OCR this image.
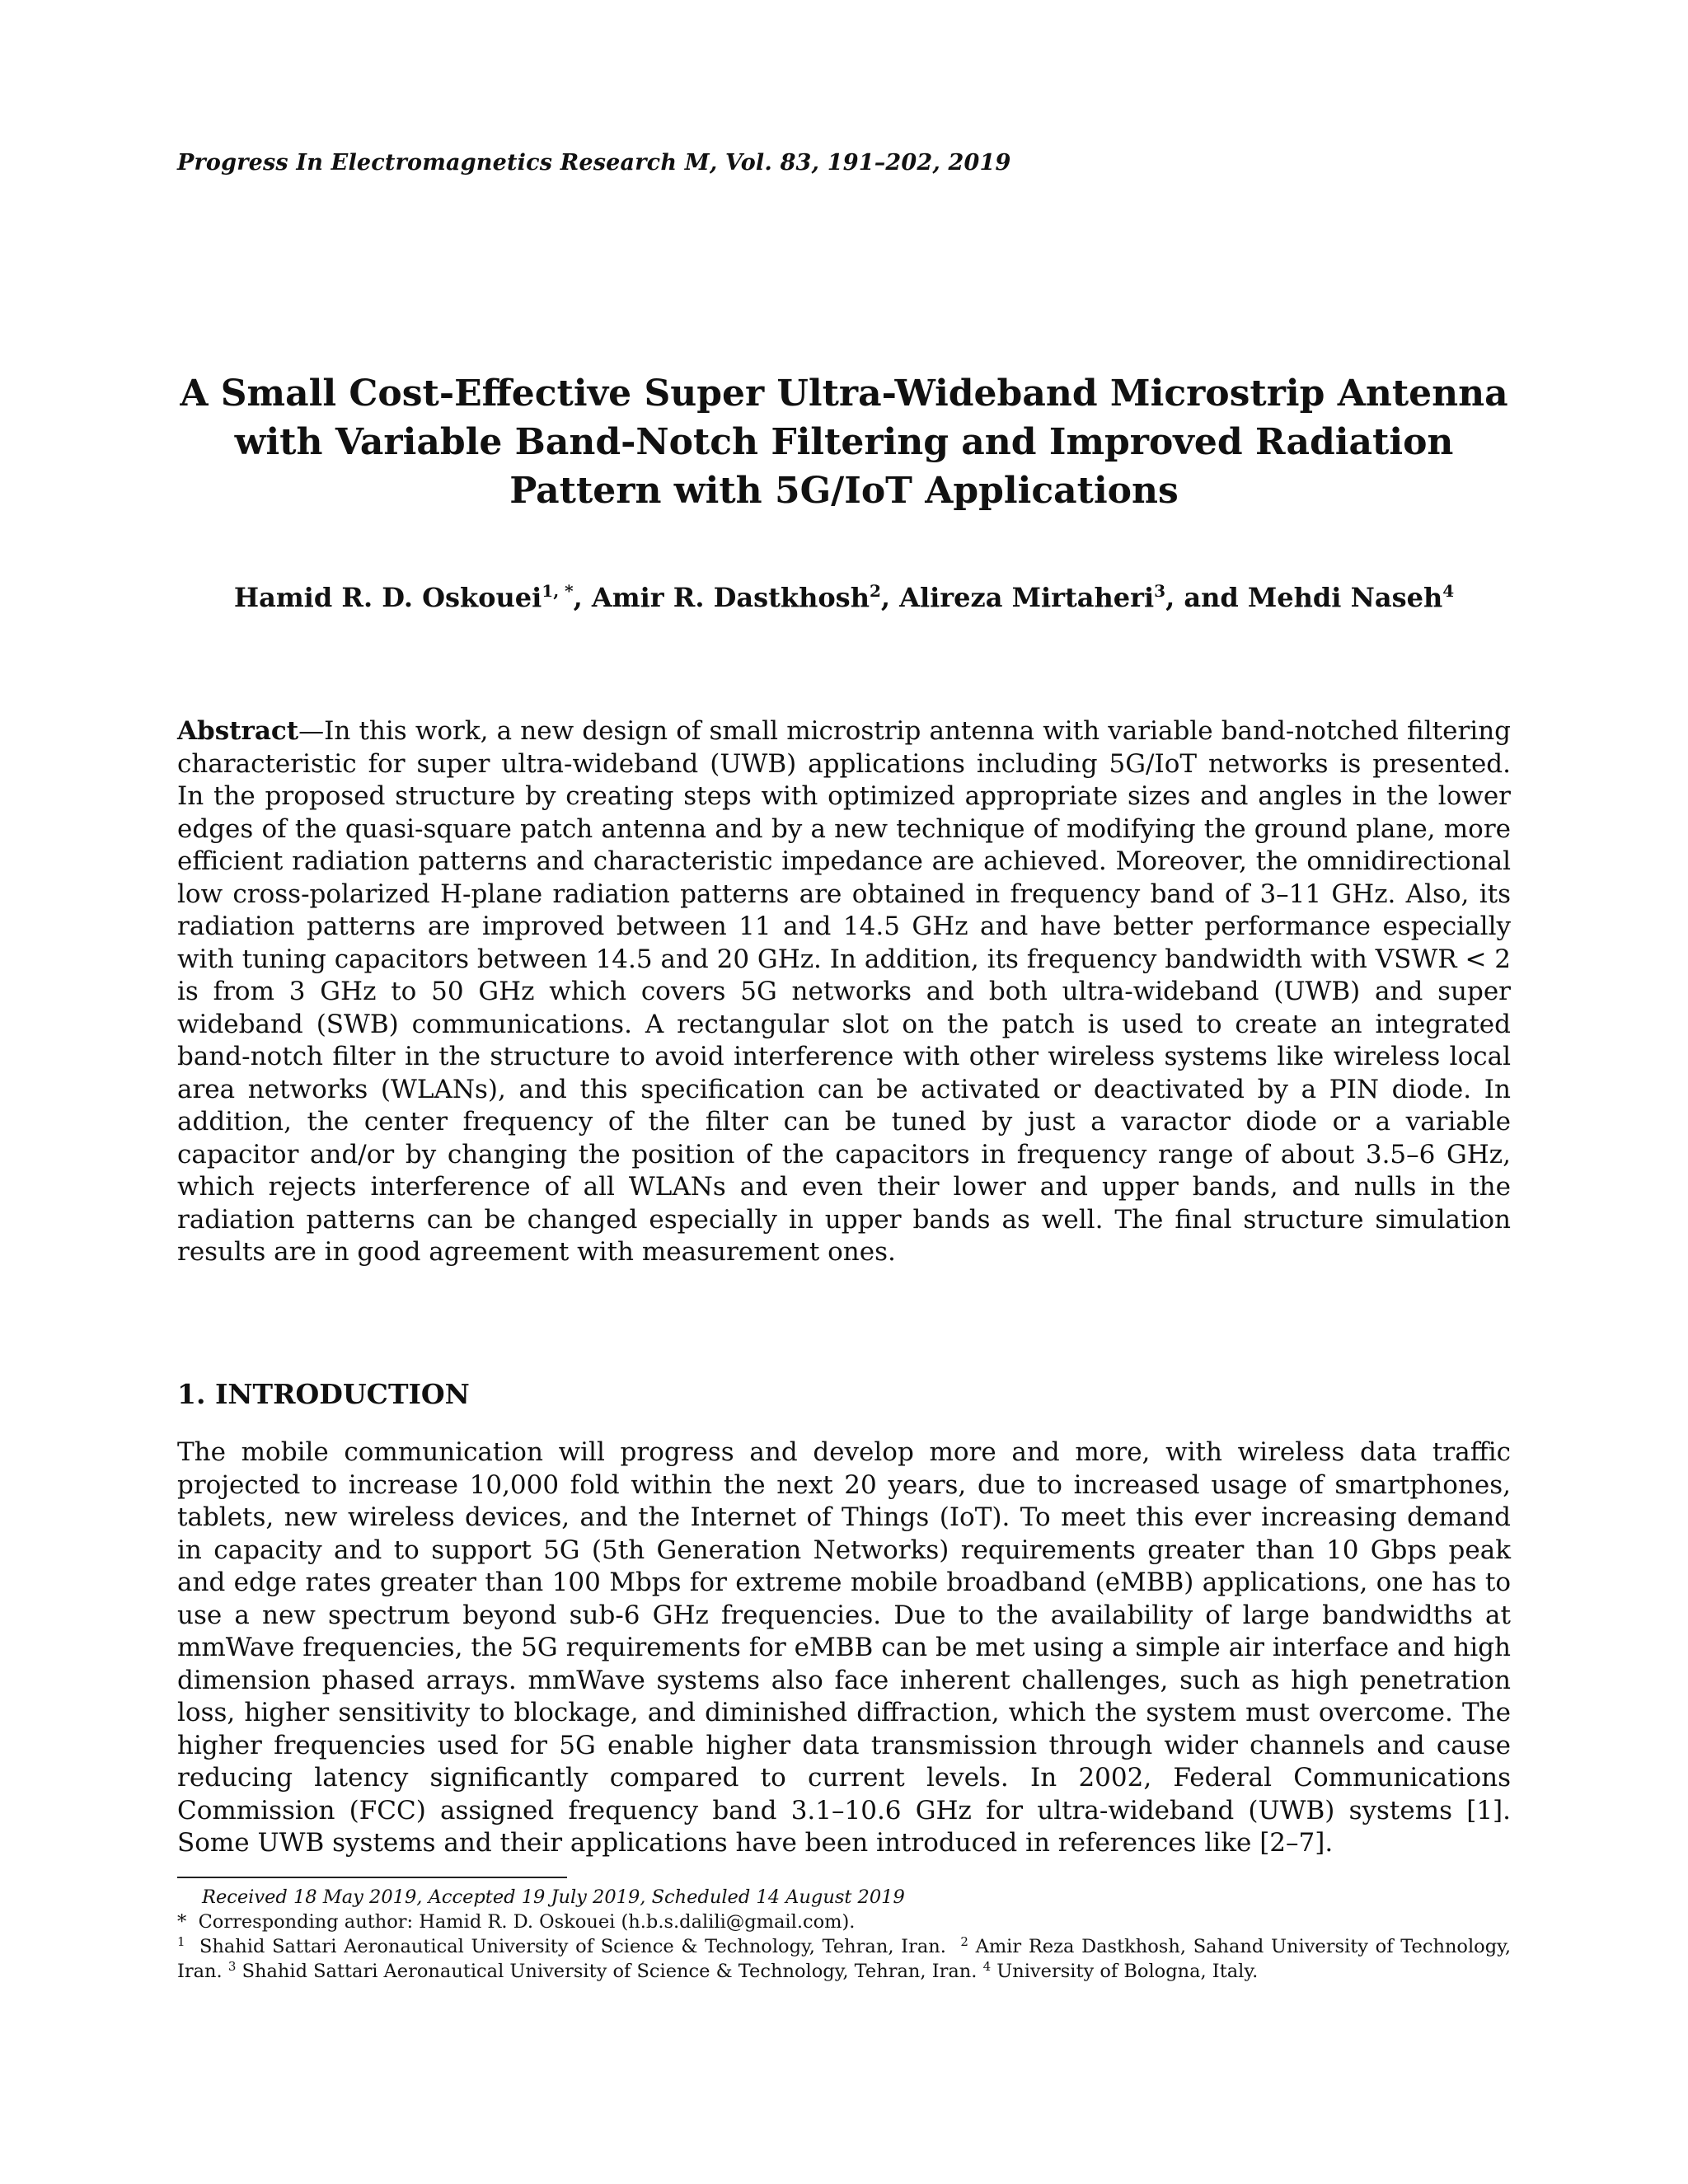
Progress In Electromagnetics Research M, Vol. 83, 191–202, 2019
A Small Cost-Effective Super Ultra-Wideband Microstrip Antenna
with Variable Band-Notch Filtering and Improved Radiation
Pattern with 5G/IoT Applications
Hamid R. D. Oskouei$^{1, *}$, Amir R. Dastkhosh$^2$, Alireza Mirtaheri$^3$, and Mehdi Naseh$^4$
Abstract—In this work, a new design of small microstrip antenna with variable band-notched filtering characteristic for super ultra-wideband (UWB) applications including 5G/IoT networks is presented. In the proposed structure by creating steps with optimized appropriate sizes and angles in the lower edges of the quasi-square patch antenna and by a new technique of modifying the ground plane, more efficient radiation patterns and characteristic impedance are achieved. Moreover, the omnidirectional low cross-polarized H-plane radiation patterns are obtained in frequency band of 3–11 GHz. Also, its radiation patterns are improved between 11 and 14.5 GHz and have better performance especially with tuning capacitors between 14.5 and 20 GHz. In addition, its frequency bandwidth with VSWR < 2 is from 3 GHz to 50 GHz which covers 5G networks and both ultra-wideband (UWB) and super wideband (SWB) communications. A rectangular slot on the patch is used to create an integrated band-notch filter in the structure to avoid interference with other wireless systems like wireless local area networks (WLANs), and this specification can be activated or deactivated by a PIN diode. In addition, the center frequency of the filter can be tuned by just a varactor diode or a variable capacitor and/or by changing the position of the capacitors in frequency range of about 3.5–6 GHz, which rejects interference of all WLANs and even their lower and upper bands, and nulls in the radiation patterns can be changed especially in upper bands as well. The final structure simulation results are in good agreement with measurement ones.
1. INTRODUCTION
The mobile communication will progress and develop more and more, with wireless data traffic projected to increase 10,000 fold within the next 20 years, due to increased usage of smartphones, tablets, new wireless devices, and the Internet of Things (IoT). To meet this ever increasing demand in capacity and to support 5G (5th Generation Networks) requirements greater than 10 Gbps peak and edge rates greater than 100 Mbps for extreme mobile broadband (eMBB) applications, one has to use a new spectrum beyond sub-6 GHz frequencies. Due to the availability of large bandwidths at mmWave frequencies, the 5G requirements for eMBB can be met using a simple air interface and high dimension phased arrays. mmWave systems also face inherent challenges, such as high penetration loss, higher sensitivity to blockage, and diminished diffraction, which the system must overcome. The higher frequencies used for 5G enable higher data transmission through wider channels and cause reducing latency significantly compared to current levels. In 2002, Federal Communications Commission (FCC) assigned frequency band 3.1–10.6 GHz for ultra-wideband (UWB) systems [1]. Some UWB systems and their applications have been introduced in references like [2–7].

Received 18 May 2019, Accepted 19 July 2019, Scheduled 14 August 2019

* Corresponding author: Hamid R. D. Oskouei (h.b.s.dalili@gmail.com).

$^1$ Shahid Sattari Aeronautical University of Science & Technology, Tehran, Iran. $^2$ Amir Reza Dastkhosh, Sahand University of Technology, Iran. $^3$ Shahid Sattari Aeronautical University of Science & Technology, Tehran, Iran. $^4$ University of Bologna, Italy.
